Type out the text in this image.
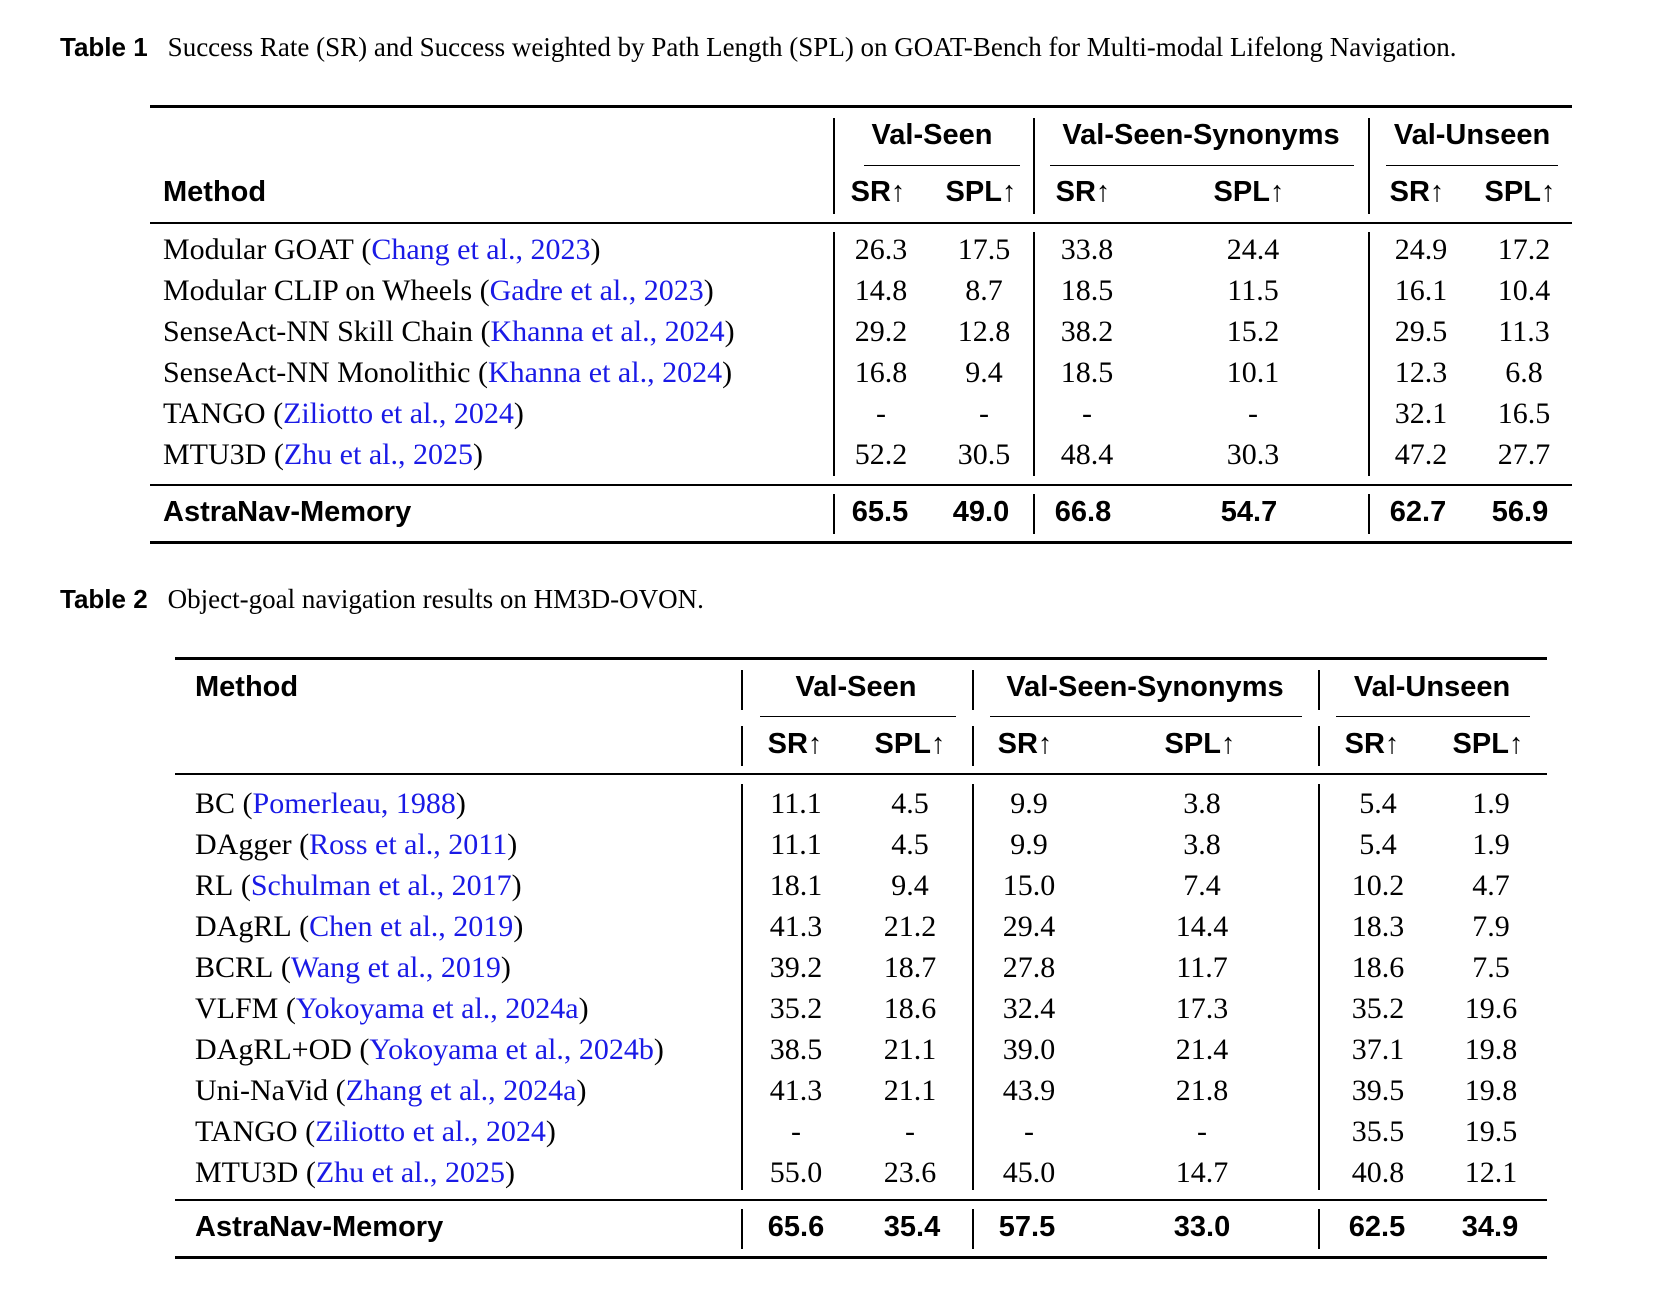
Table 1 Success Rate (SR) and Success weighted by Path Length (SPL) on GOAT-Bench for Multi-modal Lifelong Navigation.
Method
Val-Seen Val-Seen-Synonyms Val-Unseen
SR↑ SPL↑ SR↑	SPL↑	SR↑ SPL↑
Modular GOAT (Chang et al., 2023)	26.3 17.5 33.8	24.4	24.9 17.2
Modular CLIP on Wheels (Gadre et al., 2023)	14.8 8.7 18.5	11.5	16.1 10.4
SenseAct-NN Skill Chain (Khanna et al., 2024)	29.2 12.8 38.2	15.2	29.5 11.3
SenseAct-NN Monolithic (Khanna et al., 2024)	16.8 9.4 18.5	10.1	12.3 6.8
TANGO (Ziliotto et al., 2024)	-	-	-	-	32.1 16.5
MTU3D (Zhu et al., 2025)	52.2 30.5 48.4	30.3	47.2 27.7
AstraNav-Memory	65.5 49.0 66.8	54.7	62.7 56.9
Table 2 Object-goal navigation results on HM3D-OVON.
Method	Val-Seen	Val-Seen-Synonyms Val-Unseen
SR↑ SPL↑ SR↑	SPL↑	SR↑ SPL↑
BC (Pomerleau, 1988)	11.1 4.5	9.9	3.8	5.4	1.9
DAgger (Ross et al., 2011)	11.1 4.5	9.9	3.8	5.4	1.9
RL (Schulman et al., 2017)	18.1 9.4 15.0	7.4	10.2 4.7
DAgRL (Chen et al., 2019)	41.3 21.2 29.4	14.4	18.3 7.9
BCRL (Wang et al., 2019)	39.2 18.7 27.8	11.7	18.6 7.5
VLFM (Yokoyama et al., 2024a)	35.2 18.6 32.4	17.3	35.2 19.6
DAgRL+OD (Yokoyama et al., 2024b)	38.5 21.1 39.0	21.4	37.1 19.8
Uni-NaVid (Zhang et al., 2024a)	41.3 21.1 43.9	21.8	39.5 19.8
TANGO (Ziliotto et al., 2024)	-	-	-	-	35.5 19.5
MTU3D (Zhu et al., 2025)	55.0 23.6 45.0	14.7	40.8 12.1
AstraNav-Memory	65.6 35.4 57.5	33.0	62.5 34.9
